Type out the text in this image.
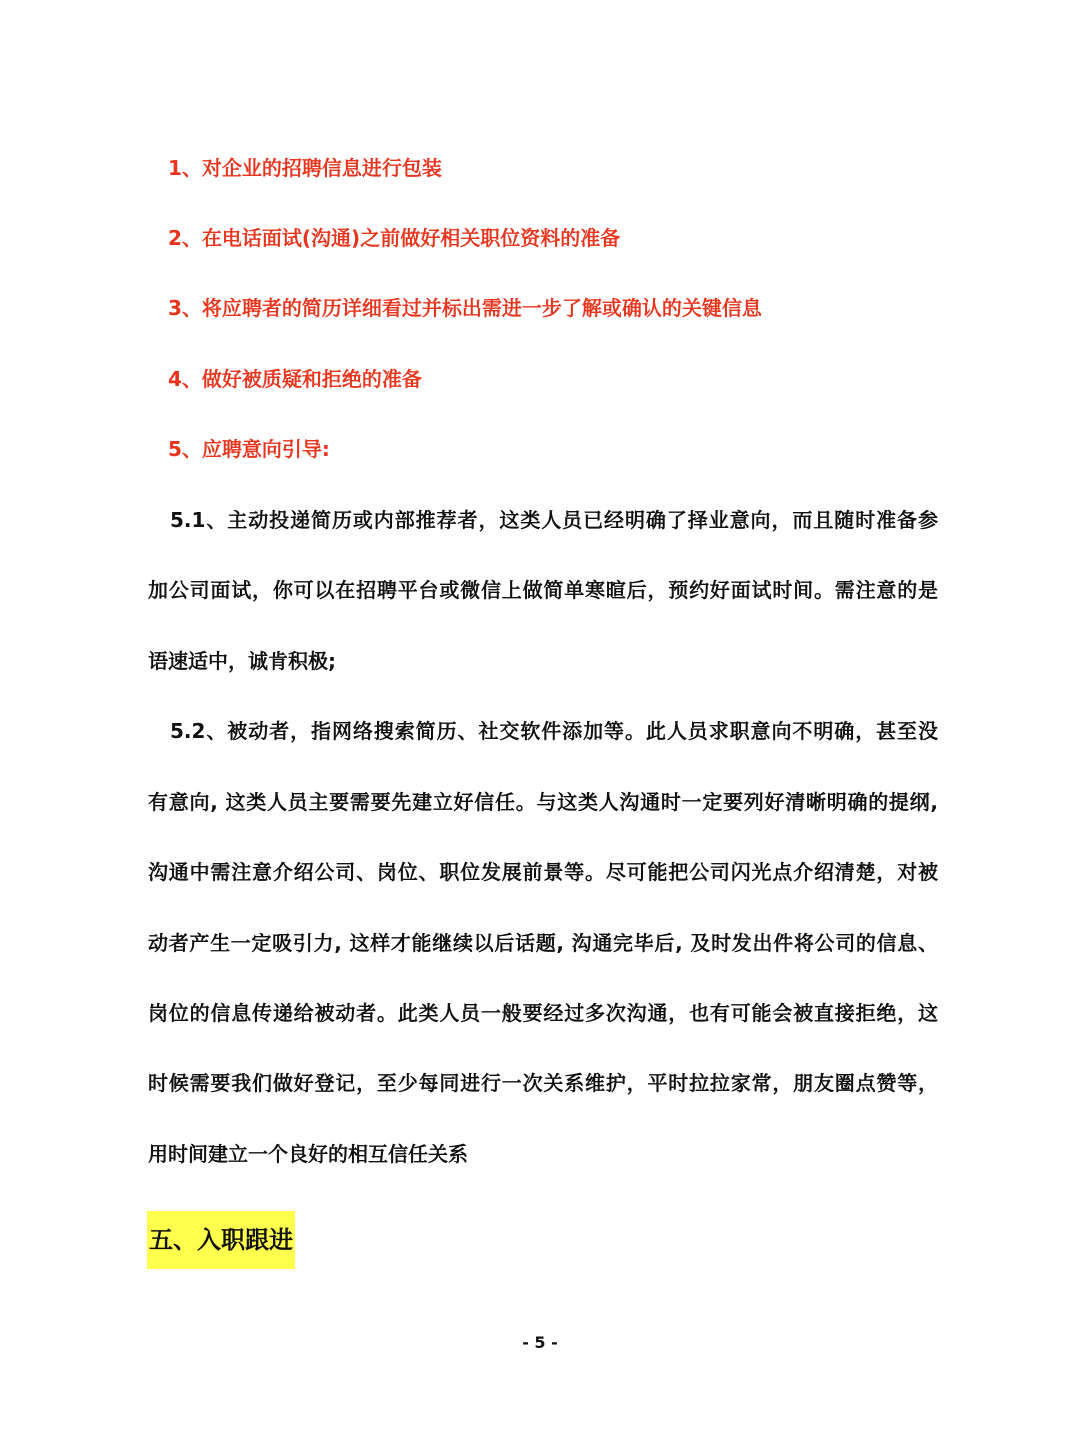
1、对企业的招聘信息进行包装
2、在电话面试(沟通)之前做好相关职位资料的准备
3、将应聘者的简历详细看过并标出需进一步了解或确认的关键信息
4、做好被质疑和拒绝的准备
5、应聘意向引导:
5.1、主动投递简历或内部推荐者，这类人员已经明确了择业意向，而且随时准备参
加公司面试，你可以在招聘平台或微信上做简单寒暄后，预约好面试时间。需注意的是
语速适中，诚肯积极;
5.2、被动者，指网络搜索简历、社交软件添加等。此人员求职意向不明确，甚至没
有意向, 这类人员主要需要先建立好信任。与这类人沟通时一定要列好清晰明确的提纲,
沟通中需注意介绍公司、岗位、职位发展前景等。尽可能把公司闪光点介绍清楚，对被
动者产生一定吸引力, 这样才能继续以后话题, 沟通完毕后, 及时发出件将公司的信息、
岗位的信息传递给被动者。此类人员一般要经过多次沟通，也有可能会被直接拒绝，这
时候需要我们做好登记，至少每同进行一次关系维护，平时拉拉家常，朋友圈点赞等，
用时间建立一个良好的相互信任关系
五、入职跟进
- 5 -
